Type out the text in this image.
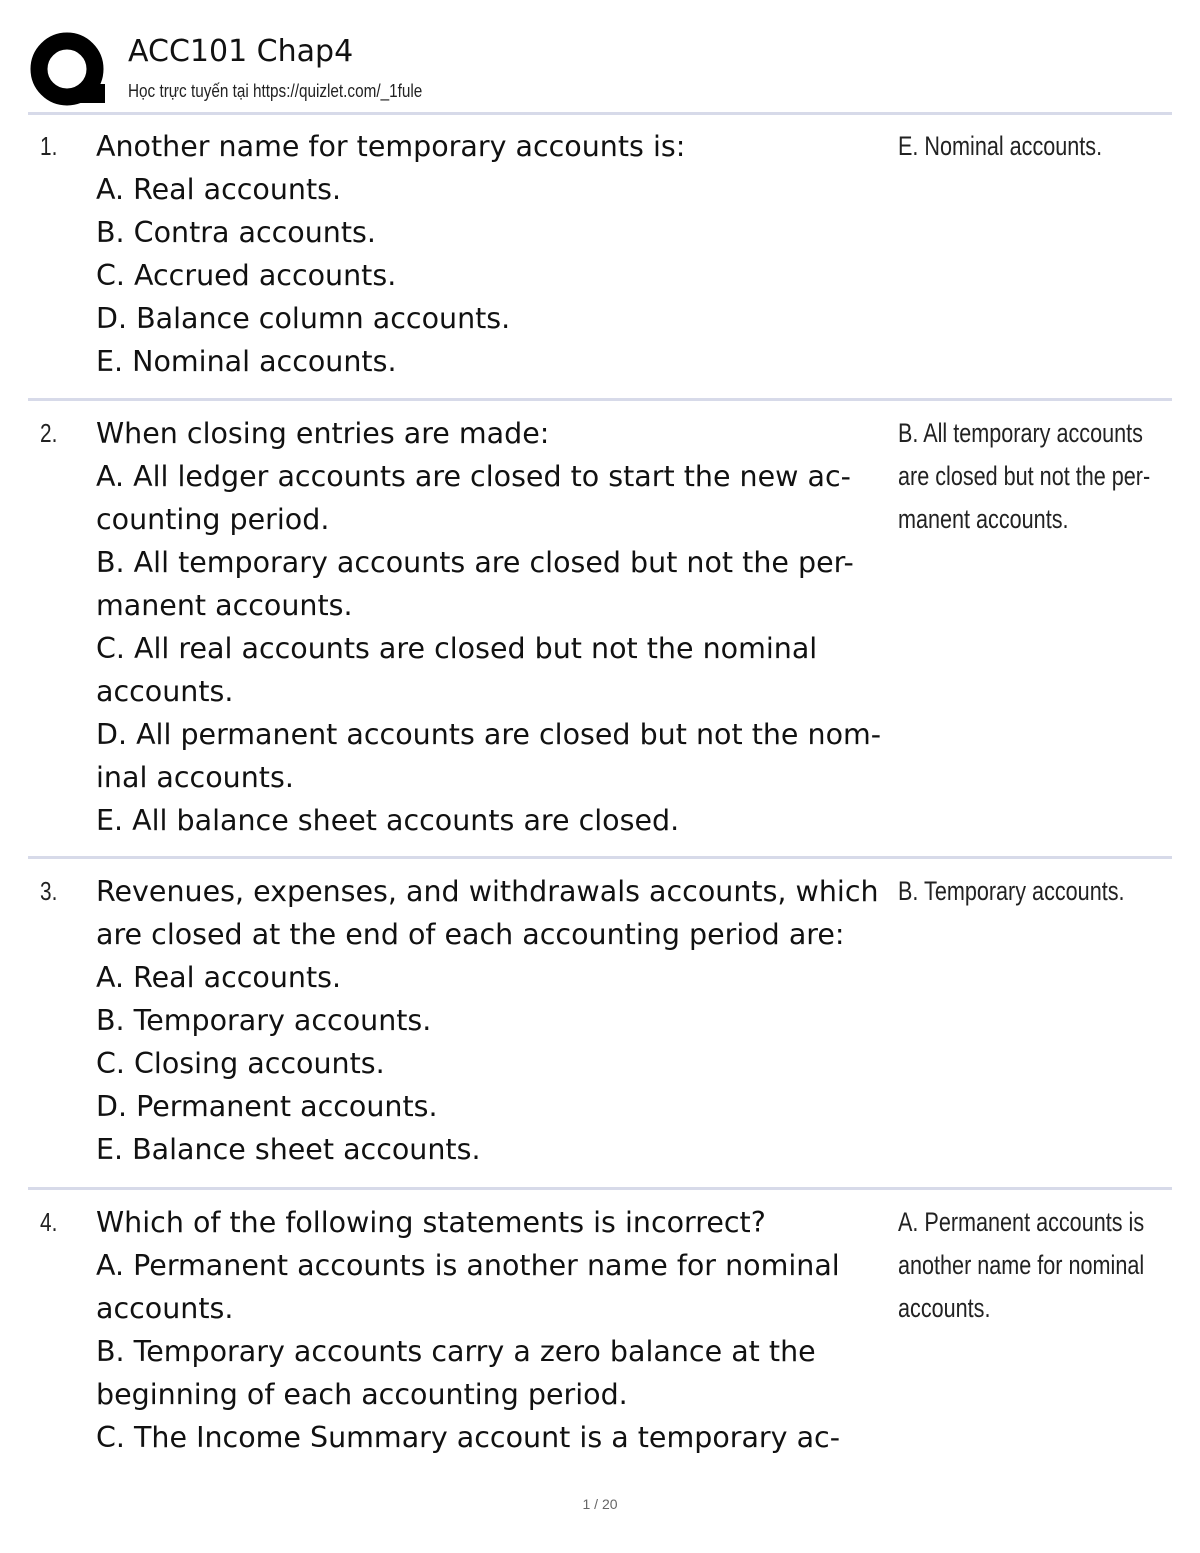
ACC101 Chap4
Học trực tuyến tại https://quizlet.com/_1fule
1. Another name for temporary accounts is:
A. Real accounts.
B. Contra accounts.
C. Accrued accounts.
D. Balance column accounts.
E. Nominal accounts.
E. Nominal accounts.
2. When closing entries are made:
A. All ledger accounts are closed to start the new ac-
counting period.
B. All temporary accounts are closed but not the per-
manent accounts.
C. All real accounts are closed but not the nominal
accounts.
D. All permanent accounts are closed but not the nom-
inal accounts.
E. All balance sheet accounts are closed.
B. All temporary accounts
are closed but not the per-
manent accounts.
3. Revenues, expenses, and withdrawals accounts, which
are closed at the end of each accounting period are:
A. Real accounts.
B. Temporary accounts.
C. Closing accounts.
D. Permanent accounts.
E. Balance sheet accounts.
B. Temporary accounts.
4. Which of the following statements is incorrect?
A. Permanent accounts is another name for nominal
accounts.
B. Temporary accounts carry a zero balance at the
beginning of each accounting period.
C. The Income Summary account is a temporary ac-
A. Permanent accounts is
another name for nominal
accounts.
1 / 20
